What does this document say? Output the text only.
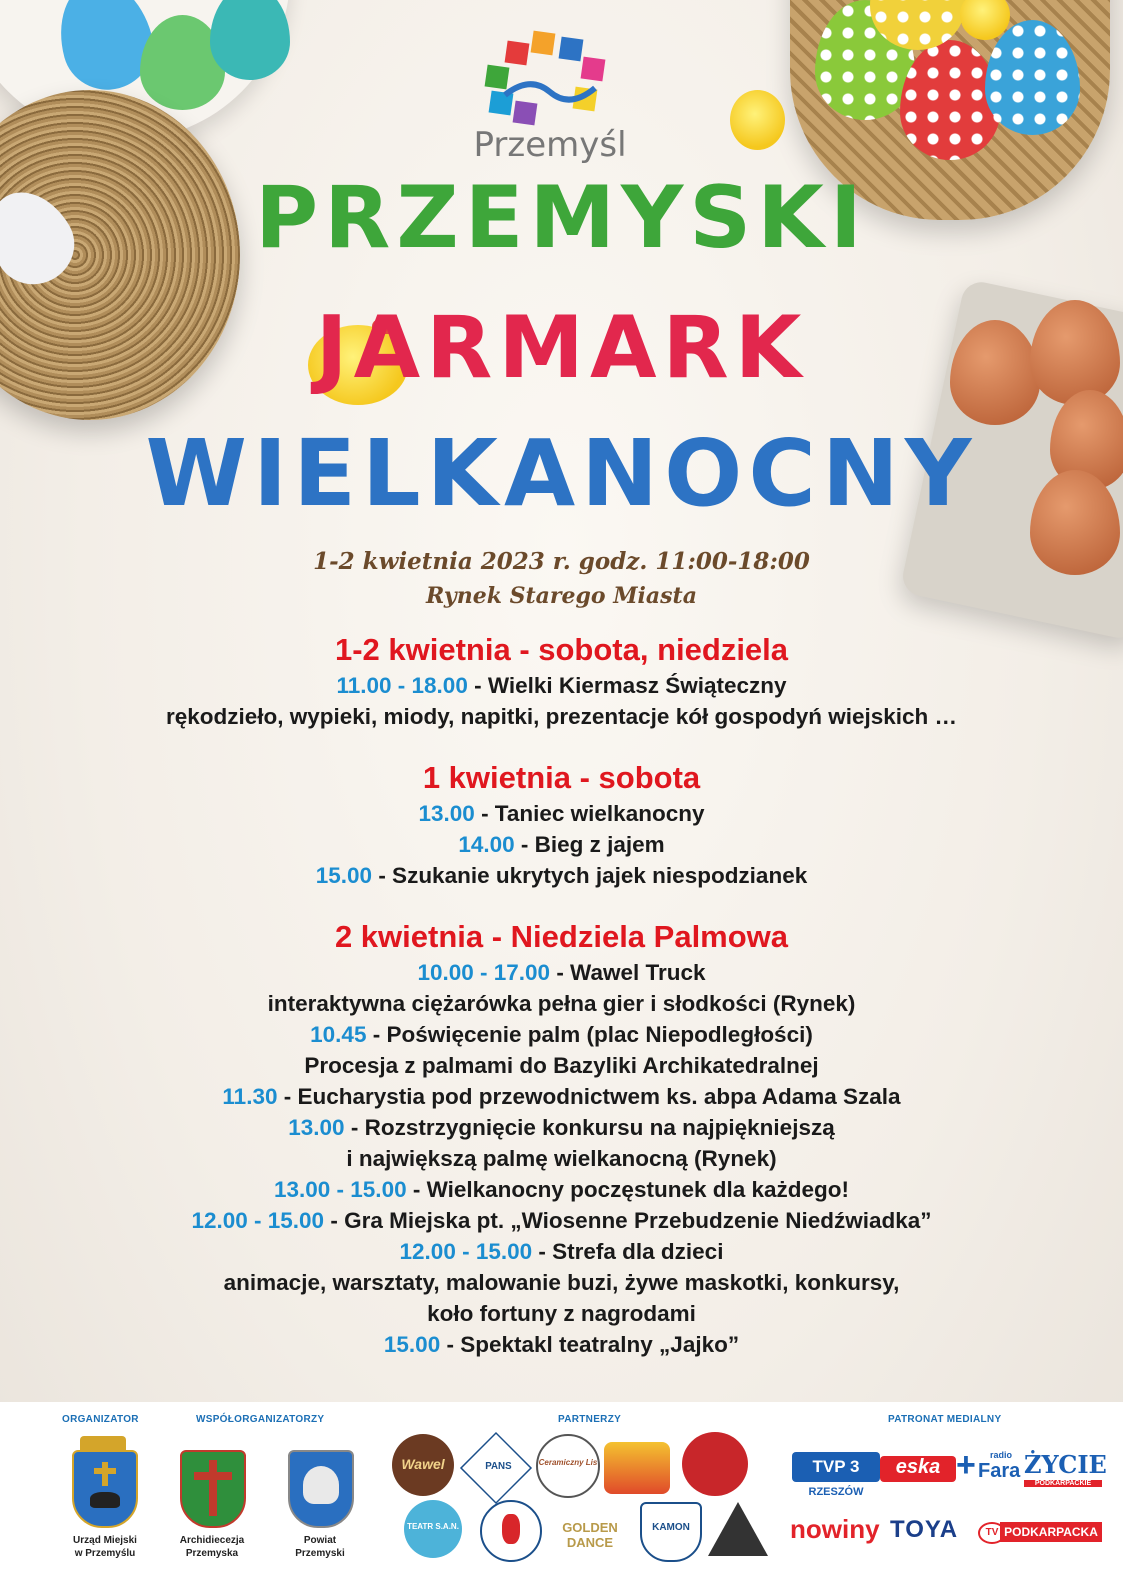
Przemyśl
PRZEMYSKI
JARMARK
WIELKANOCNY
1-2 kwietnia 2023 r. godz. 11:00-18:00
Rynek Starego Miasta
1-2 kwietnia - sobota, niedziela
11.00 - 18.00 - Wielki Kiermasz Świąteczny
rękodzieło, wypieki, miody, napitki, prezentacje kół gospodyń wiejskich …
1 kwietnia - sobota
13.00 - Taniec wielkanocny
14.00 - Bieg z jajem
15.00 - Szukanie ukrytych jajek niespodzianek
2 kwietnia - Niedziela Palmowa
10.00 - 17.00 - Wawel Truck
interaktywna ciężarówka pełna gier i słodkości (Rynek)
10.45 - Poświęcenie palm (plac Niepodległości)
Procesja z palmami do Bazyliki Archikatedralnej
11.30 - Eucharystia pod przewodnictwem ks. abpa Adama Szala
13.00 - Rozstrzygnięcie konkursu na najpiękniejszą
i największą palmę wielkanocną (Rynek)
13.00 - 15.00 - Wielkanocny poczęstunek dla każdego!
12.00 - 15.00 - Gra Miejska pt. „Wiosenne Przebudzenie Niedźwiadka”
12.00 - 15.00 - Strefa dla dzieci
animacje, warsztaty, malowanie buzi, żywe maskotki, konkursy,
koło fortuny z nagrodami
15.00 - Spektakl teatralny „Jajko”
ORGANIZATOR	WSPÓŁORGANIZATORZY	PARTNERZY	PATRONAT MEDIALNY
Urząd Miejski
w Przemyślu
Archidiecezja
Przemyska
Powiat
Przemyski
Wawel	PANS	Ceramiczny Lis
TEATR S.A.N.	GOLDEN DANCE
KAMON
TVP 3
RZESZÓW
eska + radio
Fara ŻYCIE
PODKARPACKIE
nowiny TOYA	TV PODKARPACKA
